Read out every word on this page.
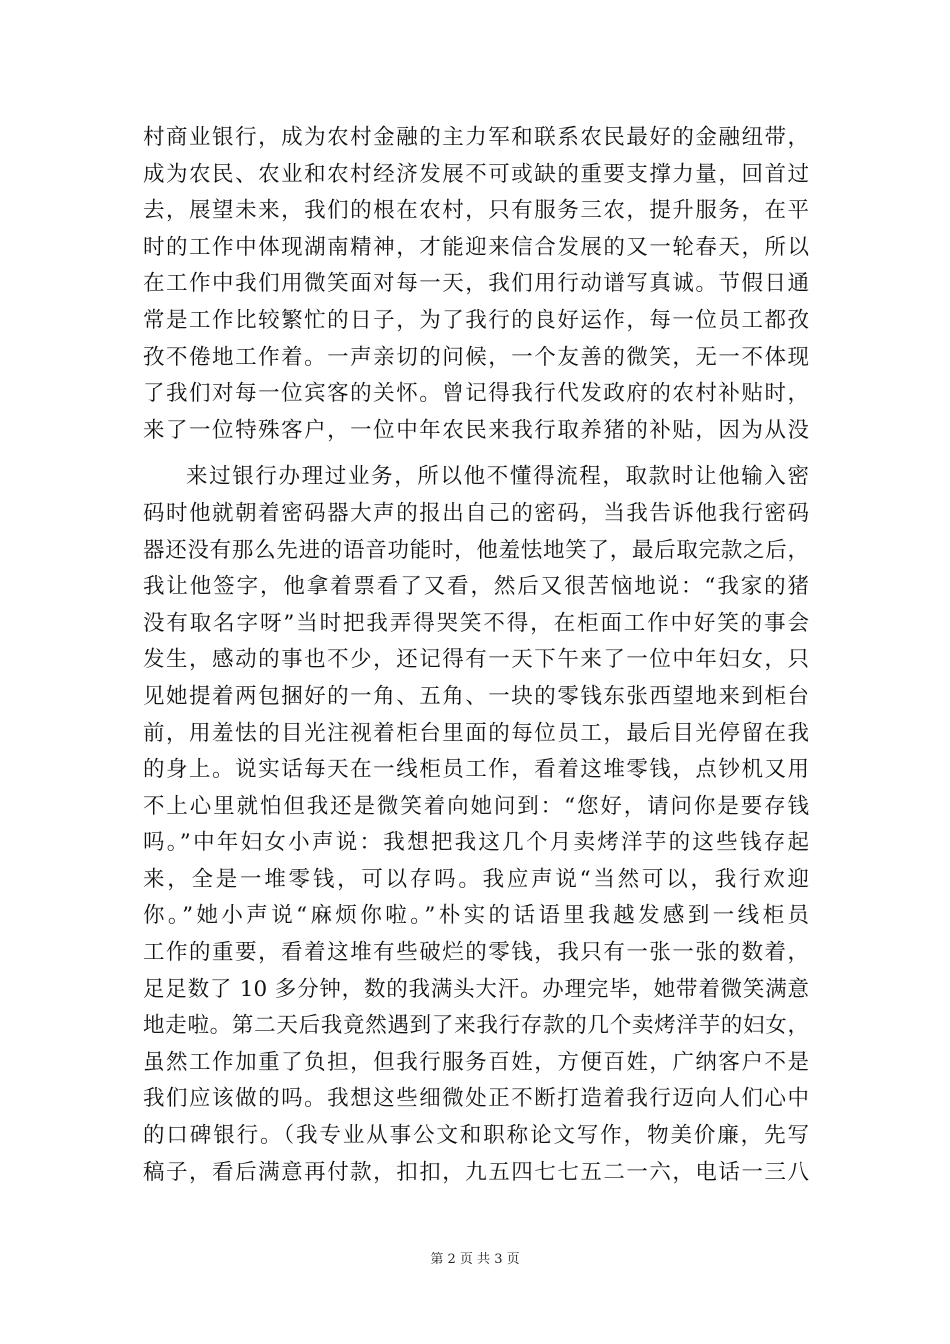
村商业银行，成为农村金融的主力军和联系农民最好的金融纽带，
成为农民、农业和农村经济发展不可或缺的重要支撑力量，回首过
去，展望未来，我们的根在农村，只有服务三农，提升服务，在平
时的工作中体现湖南精神，才能迎来信合发展的又一轮春天，所以
在工作中我们用微笑面对每一天，我们用行动谱写真诚。节假日通
常是工作比较繁忙的日子，为了我行的良好运作，每一位员工都孜
孜不倦地工作着。一声亲切的问候，一个友善的微笑，无一不体现
了我们对每一位宾客的关怀。曾记得我行代发政府的农村补贴时，
来了一位特殊客户，一位中年农民来我行取养猪的补贴，因为从没
来过银行办理过业务，所以他不懂得流程，取款时让他输入密
码时他就朝着密码器大声的报出自己的密码，当我告诉他我行密码
器还没有那么先进的语音功能时，他羞怯地笑了，最后取完款之后，
我让他签字，他拿着票看了又看，然后又很苦恼地说：“我家的猪
没有取名字呀”当时把我弄得哭笑不得，在柜面工作中好笑的事会
发生，感动的事也不少，还记得有一天下午来了一位中年妇女，只
见她提着两包捆好的一角、五角、一块的零钱东张西望地来到柜台
前，用羞怯的目光注视着柜台里面的每位员工，最后目光停留在我
的身上。说实话每天在一线柜员工作，看着这堆零钱，点钞机又用
不上心里就怕但我还是微笑着向她问到：“您好，请问你是要存钱
吗。”中年妇女小声说：我想把我这几个月卖烤洋芋的这些钱存起
来，全是一堆零钱，可以存吗。我应声说“当然可以，我行欢迎
你。”她小声说“麻烦你啦。”朴实的话语里我越发感到一线柜员
工作的重要，看着这堆有些破烂的零钱，我只有一张一张的数着，
足足数了 10 多分钟，数的我满头大汗。办理完毕，她带着微笑满意
地走啦。第二天后我竟然遇到了来我行存款的几个卖烤洋芋的妇女，
虽然工作加重了负担，但我行服务百姓，方便百姓，广纳客户不是
我们应该做的吗。我想这些细微处正不断打造着我行迈向人们心中
的口碑银行。（我专业从事公文和职称论文写作，物美价廉，先写
稿子，看后满意再付款，扣扣，九五四七七五二一六，电话一三八
第 2 页 共 3 页
